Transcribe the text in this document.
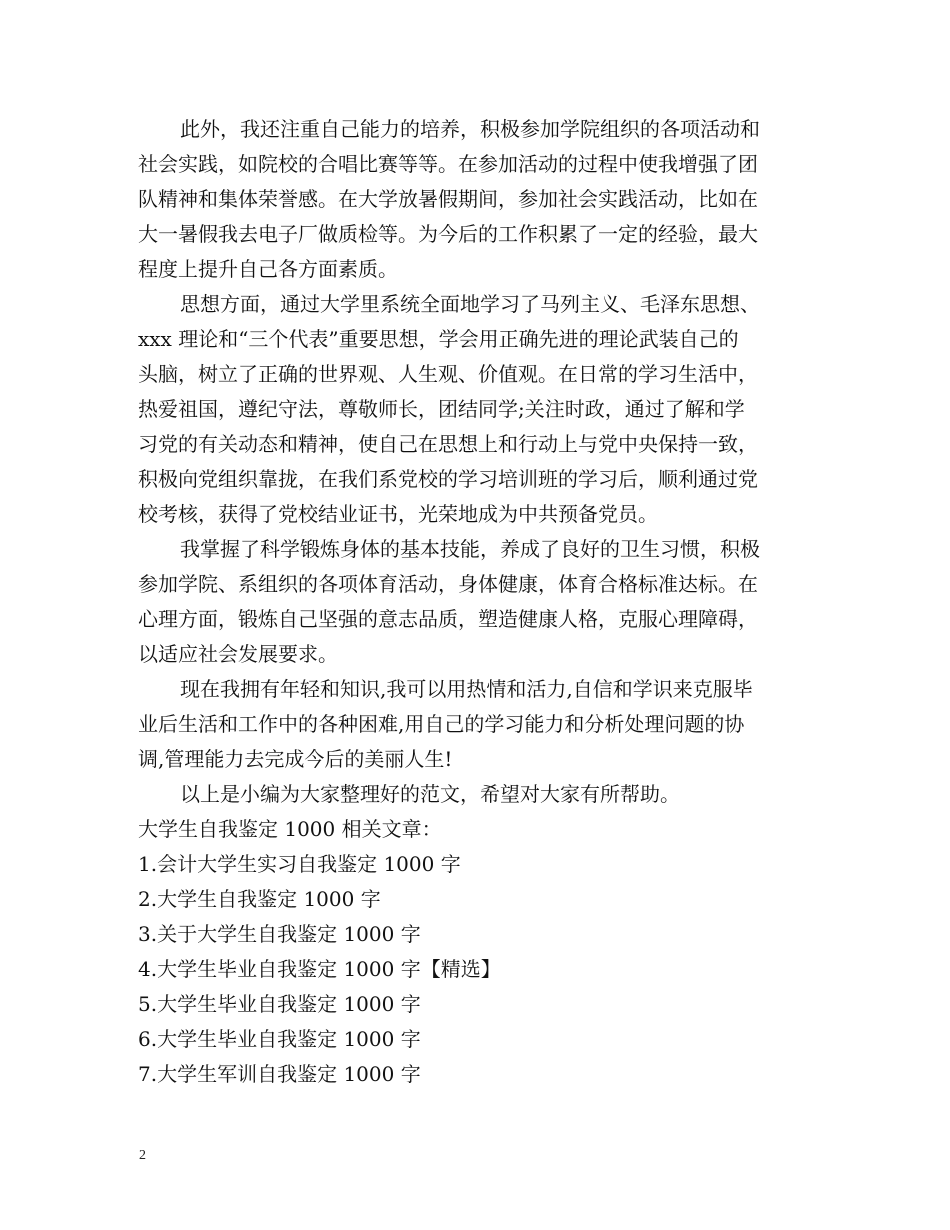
此外，我还注重自己能力的培养，积极参加学院组织的各项活动和
社会实践，如院校的合唱比赛等等。在参加活动的过程中使我增强了团
队精神和集体荣誉感。在大学放暑假期间，参加社会实践活动，比如在
大一暑假我去电子厂做质检等。为今后的工作积累了一定的经验，最大
程度上提升自己各方面素质。
思想方面，通过大学里系统全面地学习了马列主义、毛泽东思想、
xxx 理论和“三个代表”重要思想，学会用正确先进的理论武装自己的
头脑，树立了正确的世界观、人生观、价值观。在日常的学习生活中，
热爱祖国，遵纪守法，尊敬师长，团结同学;关注时政，通过了解和学
习党的有关动态和精神，使自己在思想上和行动上与党中央保持一致，
积极向党组织靠拢，在我们系党校的学习培训班的学习后，顺利通过党
校考核，获得了党校结业证书，光荣地成为中共预备党员。
我掌握了科学锻炼身体的基本技能，养成了良好的卫生习惯，积极
参加学院、系组织的各项体育活动，身体健康，体育合格标准达标。在
心理方面，锻炼自己坚强的意志品质，塑造健康人格，克服心理障碍，
以适应社会发展要求。
现在我拥有年轻和知识,我可以用热情和活力,自信和学识来克服毕
业后生活和工作中的各种困难,用自己的学习能力和分析处理问题的协
调,管理能力去完成今后的美丽人生!
以上是小编为大家整理好的范文，希望对大家有所帮助。
大学生自我鉴定 1000 相关文章：
1.会计大学生实习自我鉴定 1000 字
2.大学生自我鉴定 1000 字
3.关于大学生自我鉴定 1000 字
4.大学生毕业自我鉴定 1000 字【精选】
5.大学生毕业自我鉴定 1000 字
6.大学生毕业自我鉴定 1000 字
7.大学生军训自我鉴定 1000 字
2
